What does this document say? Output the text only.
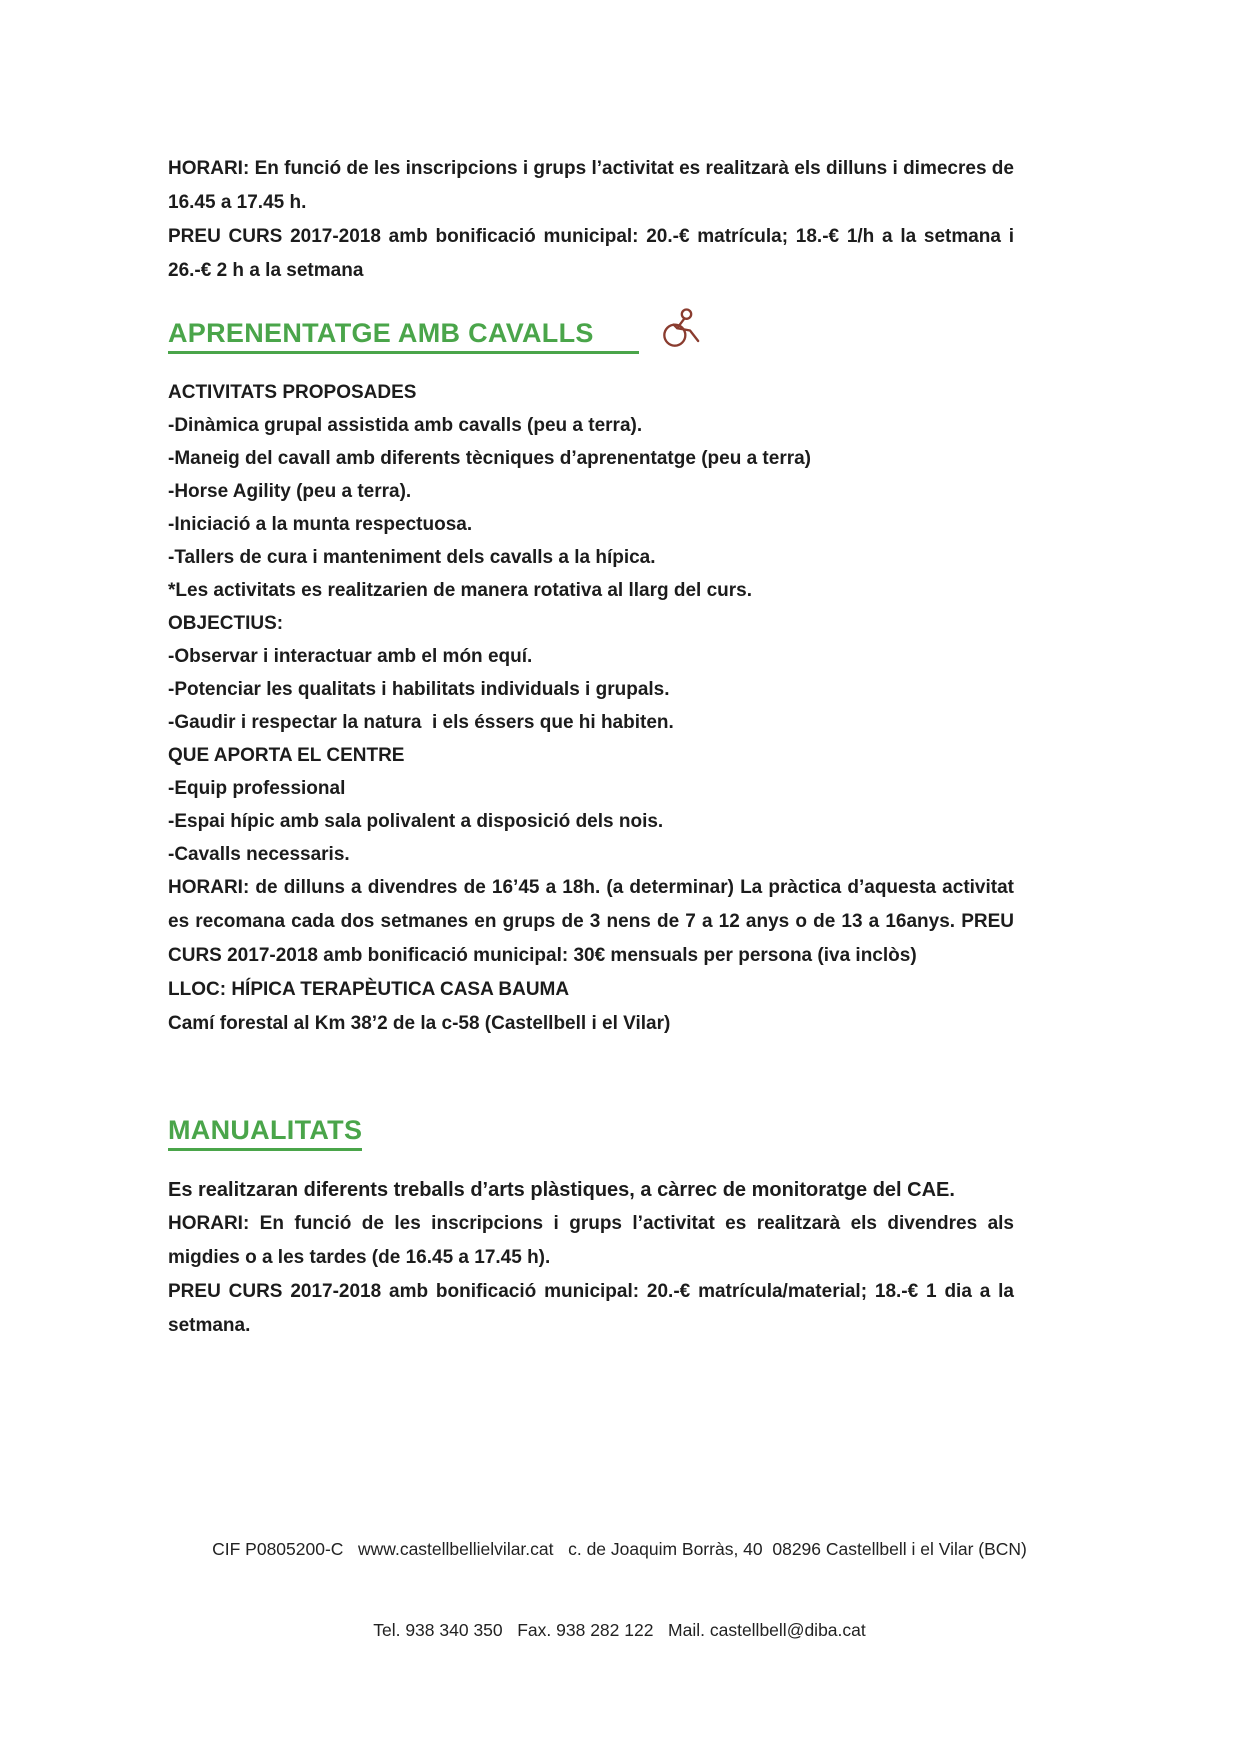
HORARI: En funció de les inscripcions i grups l’activitat es realitzarà els dilluns i dimecres de 16.45 a 17.45 h.

PREU CURS 2017-2018 amb bonificació municipal: 20.-€ matrícula; 18.-€ 1/h a la setmana i 26.-€ 2 h a la setmana

APRENENTATGE AMB CAVALLS
ACTIVITATS PROPOSADES
-Dinàmica grupal assistida amb cavalls (peu a terra).
-Maneig del cavall amb diferents tècniques d’aprenentatge (peu a terra)
-Horse Agility (peu a terra).
-Iniciació a la munta respectuosa.
-Tallers de cura i manteniment dels cavalls a la hípica.
*Les activitats es realitzarien de manera rotativa al llarg del curs.
OBJECTIUS:
-Observar i interactuar amb el món equí.
-Potenciar les qualitats i habilitats individuals i grupals.
-Gaudir i respectar la natura  i els éssers que hi habiten.
QUE APORTA EL CENTRE
-Equip professional
-Espai hípic amb sala polivalent a disposició dels nois.
-Cavalls necessaris.

HORARI: de dilluns a divendres de 16’45 a 18h. (a determinar) La pràctica d’aquesta activitat es recomana cada dos setmanes en grups de 3 nens de 7 a 12 anys o de 13 a 16anys. PREU CURS 2017-2018 amb bonificació municipal: 30€ mensuals per persona (iva inclòs)

LLOC: HÍPICA TERAPÈUTICA CASA BAUMA

Camí forestal al Km 38’2 de la c-58 (Castellbell i el Vilar)

MANUALITATS

Es realitzaran diferents treballs d’arts plàstiques, a càrrec de monitoratge del CAE.

HORARI: En funció de les inscripcions i grups l’activitat es realitzarà els divendres als migdies o a les tardes (de 16.45 a 17.45 h).

PREU CURS 2017-2018 amb bonificació municipal: 20.-€ matrícula/material; 18.-€ 1 dia a la setmana.

CIF P0805200-C   www.castellbellielvilar.cat   c. de Joaquim Borràs, 40  08296 Castellbell i el Vilar (BCN)

Tel. 938 340 350   Fax. 938 282 122   Mail. castellbell@diba.cat
